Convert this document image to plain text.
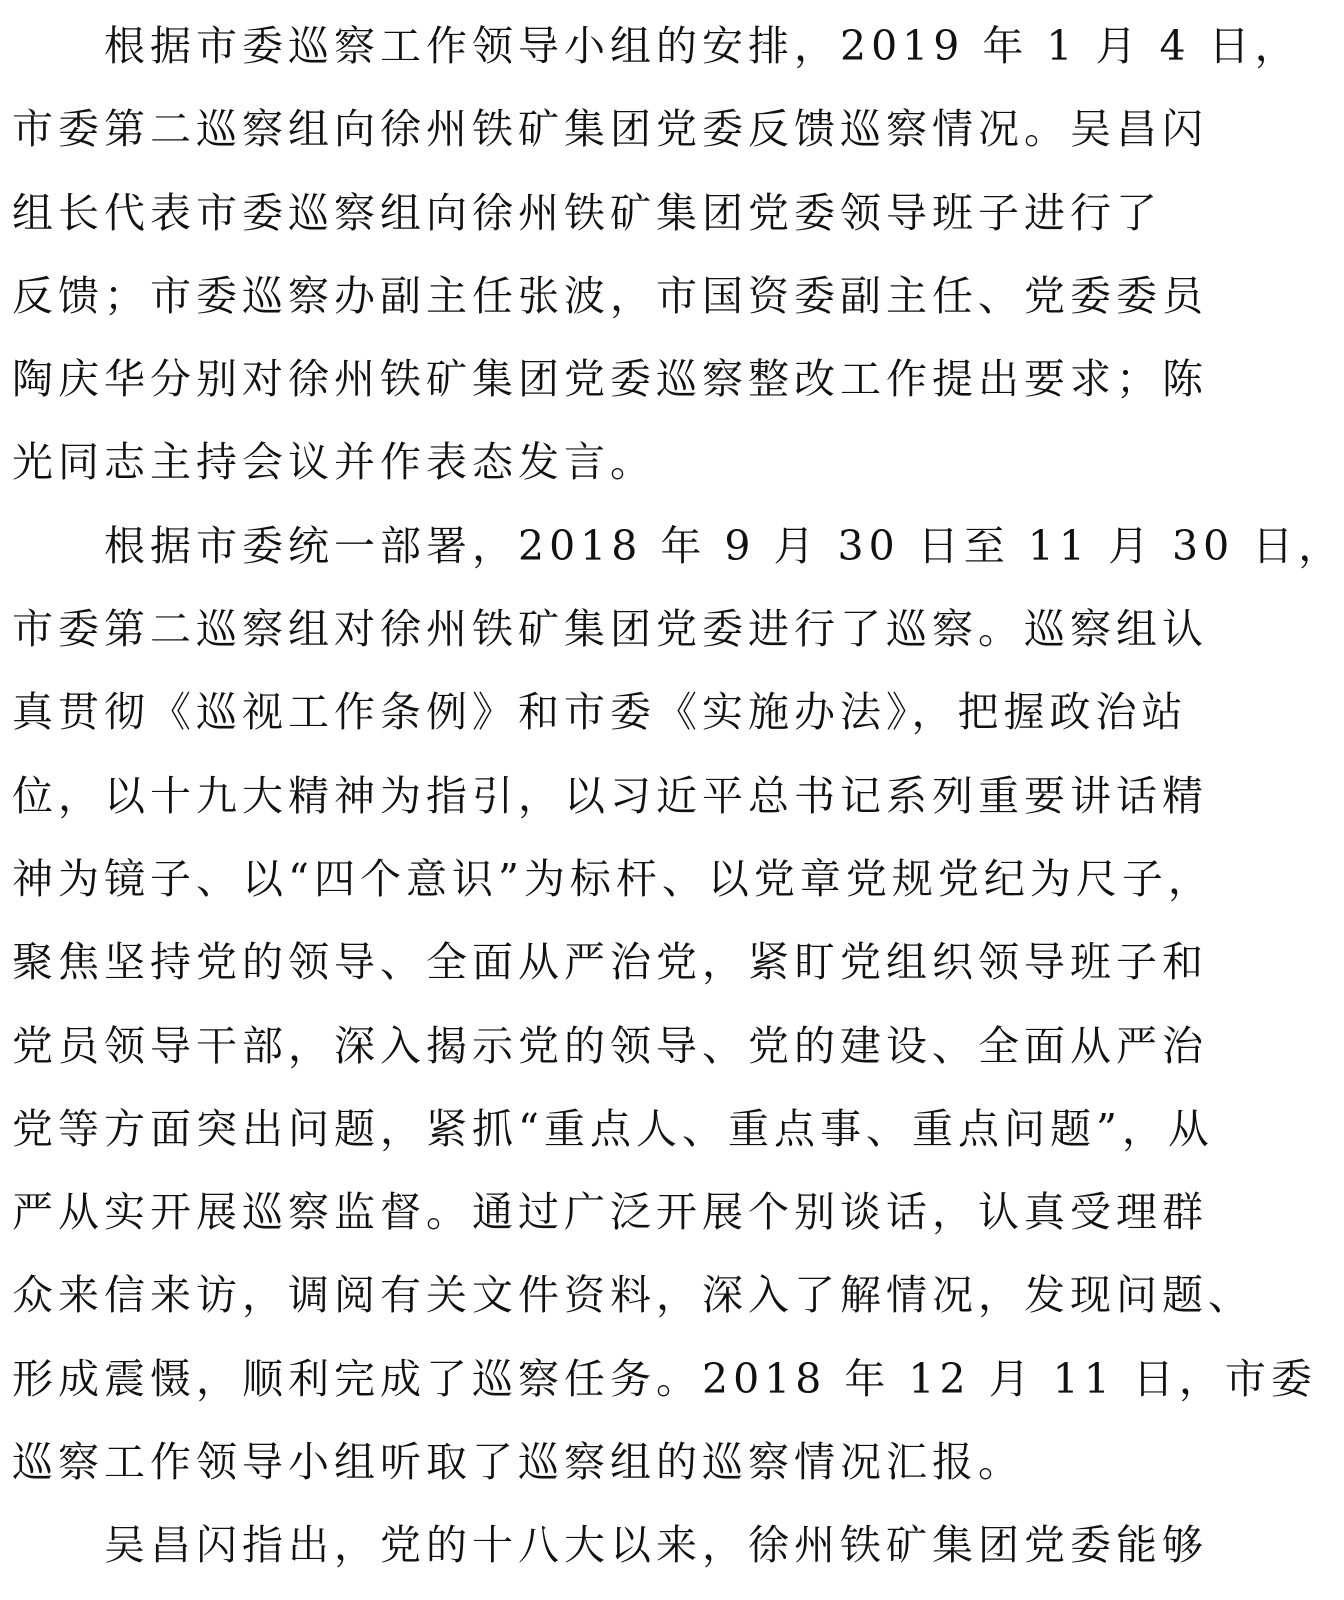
　　根据市委巡察工作领导小组的安排，2019 年 1 月 4 日，
市委第二巡察组向徐州铁矿集团党委反馈巡察情况。吴昌闪
组长代表市委巡察组向徐州铁矿集团党委领导班子进行了
反馈；市委巡察办副主任张波，市国资委副主任、党委委员
陶庆华分别对徐州铁矿集团党委巡察整改工作提出要求；陈
光同志主持会议并作表态发言。
　　根据市委统一部署，2018 年 9 月 30 日至 11 月 30 日，
市委第二巡察组对徐州铁矿集团党委进行了巡察。巡察组认
真贯彻《巡视工作条例》和市委《实施办法》，把握政治站
位，以十九大精神为指引，以习近平总书记系列重要讲话精
神为镜子、以“四个意识”为标杆、以党章党规党纪为尺子，
聚焦坚持党的领导、全面从严治党，紧盯党组织领导班子和
党员领导干部，深入揭示党的领导、党的建设、全面从严治
党等方面突出问题，紧抓“重点人、重点事、重点问题”，从
严从实开展巡察监督。通过广泛开展个别谈话，认真受理群
众来信来访，调阅有关文件资料，深入了解情况，发现问题、
形成震慑，顺利完成了巡察任务。2018 年 12 月 11 日，市委
巡察工作领导小组听取了巡察组的巡察情况汇报。
　　吴昌闪指出，党的十八大以来，徐州铁矿集团党委能够
